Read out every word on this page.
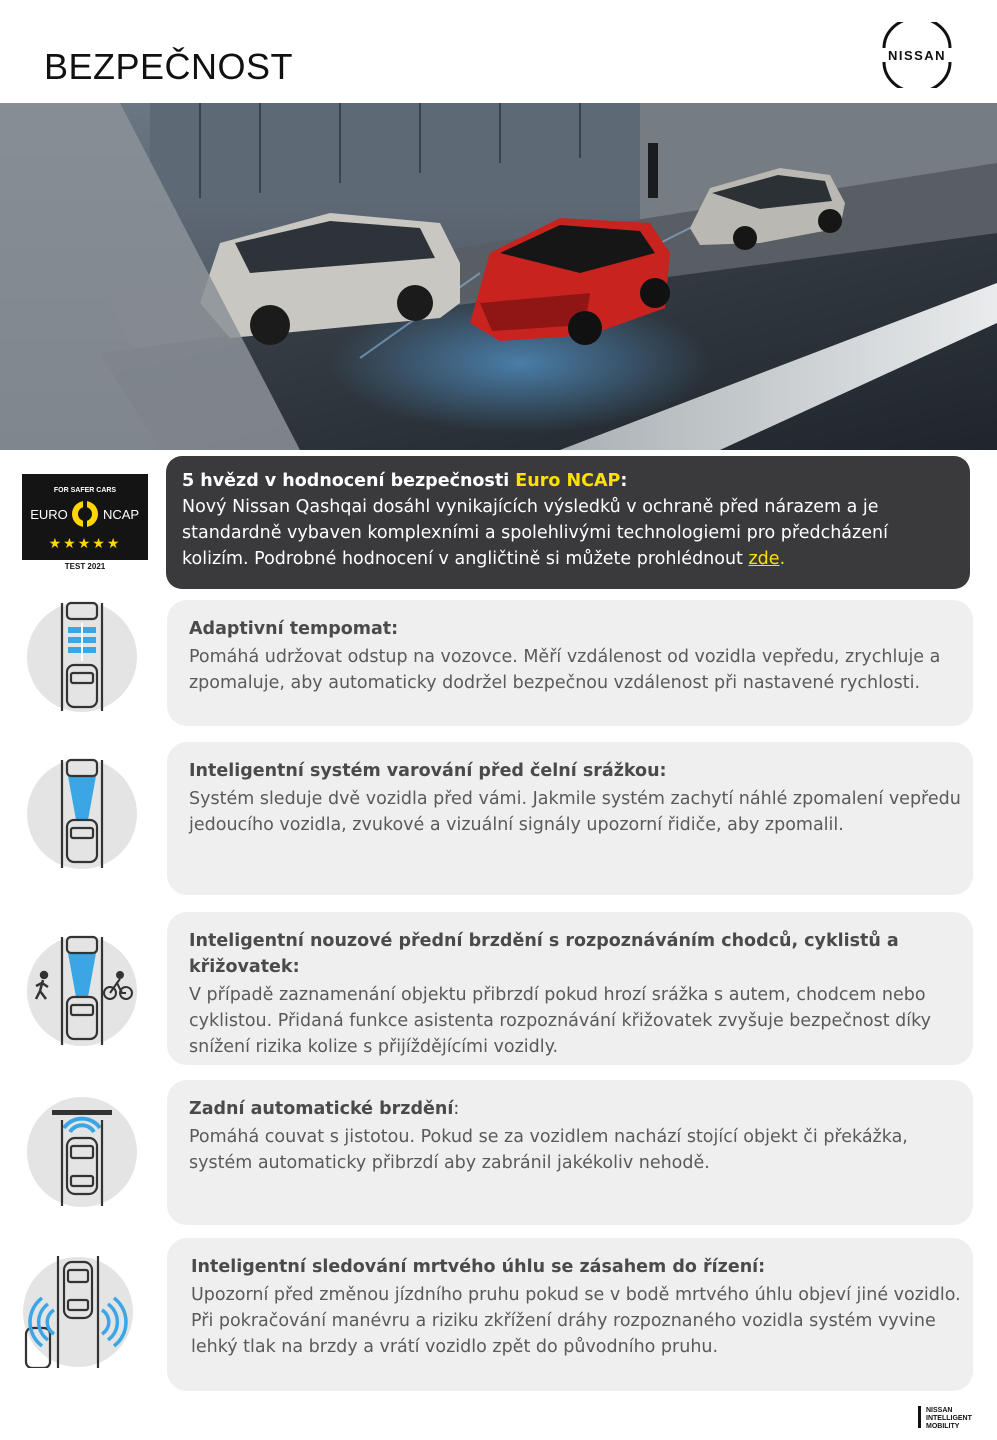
BEZPEČNOST	NISSAN
FOR SAFER CARS
EURO	NCAP
★★★★★
TEST 2021
5 hvězd v hodnocení bezpečnosti Euro NCAP:
Nový Nissan Qashqai dosáhl vynikajících výsledků v ochraně před nárazem a je standardně vybaven komplexními a spolehlivými technologiemi pro předcházení kolizím. Podrobné hodnocení v angličtině si můžete prohlédnout zde.
Adaptivní tempomat:
Pomáhá udržovat odstup na vozovce. Měří vzdálenost od vozidla vepředu, zrychluje a zpomaluje, aby automaticky dodržel bezpečnou vzdálenost při nastavené rychlosti.
Inteligentní systém varování před čelní srážkou:
Systém sleduje dvě vozidla před vámi. Jakmile systém zachytí náhlé zpomalení vepředu jedoucího vozidla, zvukové a vizuální signály upozorní řidiče, aby zpomalil.
Inteligentní nouzové přední brzdění s rozpoznáváním chodců, cyklistů a křižovatek:
V případě zaznamenání objektu přibrzdí pokud hrozí srážka s autem, chodcem nebo cyklistou. Přidaná funkce asistenta rozpoznávání křižovatek zvyšuje bezpečnost díky snížení rizika kolize s přijíždějícími vozidly.
Zadní automatické brzdění:
Pomáhá couvat s jistotou. Pokud se za vozidlem nachází stojící objekt či překážka, systém automaticky přibrzdí aby zabránil jakékoliv nehodě.
Inteligentní sledování mrtvého úhlu se zásahem do řízení:
Upozorní před změnou jízdního pruhu pokud se v bodě mrtvého úhlu objeví jiné vozidlo. Při pokračování manévru a riziku zkřížení dráhy rozpoznaného vozidla systém vyvine lehký tlak na brzdy a vrátí vozidlo zpět do původního pruhu.
NISSAN
INTELLIGENT
MOBILITY
